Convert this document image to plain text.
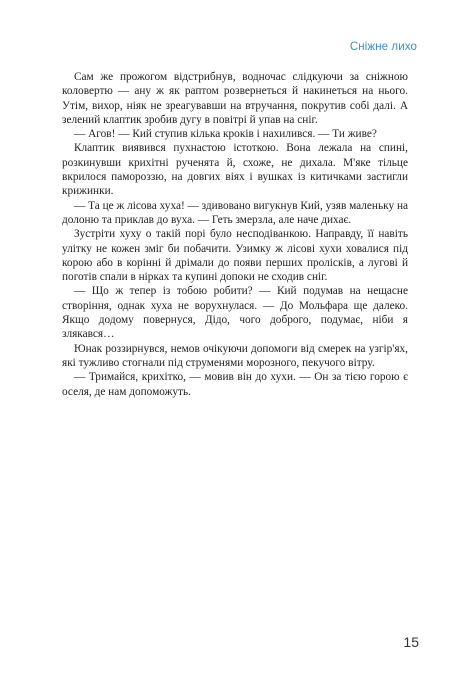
Сніжне лихо

Сам же прожогом відстрибнув, водночас слідкуючи за сніжною коловертю — ану ж як раптом розвернеться й накинеться на нього. Утім, вихор, ніяк не зреагувавши на втручання, покрутив собі далі. А зелений клаптик зробив дугу в повітрі й упав на сніг.

— Агов! — Кий ступив кілька кроків і нахилився. — Ти живе?

Клаптик виявився пухнастою істоткою. Вона лежала на спині, розкинувши крихітні рученята й, схоже, не дихала. М'яке тільце вкрилося памороззю, на довгих віях і вушках із китичками застигли крижинки.

— Та це ж лісова хуха! — здивовано вигукнув Кий, узяв маленьку на долоню та приклав до вуха. — Геть змерзла, але наче дихає.

Зустріти хуху о такій порі було несподіванкою. Направду, її навіть улітку не кожен зміг би побачити. Узимку ж лісові хухи ховалися під корою або в корінні й дрімали до появи перших пролісків, а лугові й поготів спали в нірках та купині допоки не сходив сніг.

— Що ж тепер із тобою робити? — Кий подумав на нещасне створіння, однак хуха не ворухнулася. — До Мольфара ще далеко. Якщо додому повернуся, Дідо, чого доброго, подумає, ніби я злякався…

Юнак роззирнувся, немов очікуючи допомоги від смерек на узгір'ях, які тужливо стогнали під струменями морозного, пекучого вітру.

— Тримайся, крихітко, — мовив він до хухи. — Он за тією горою є оселя, де нам допоможуть.

15
